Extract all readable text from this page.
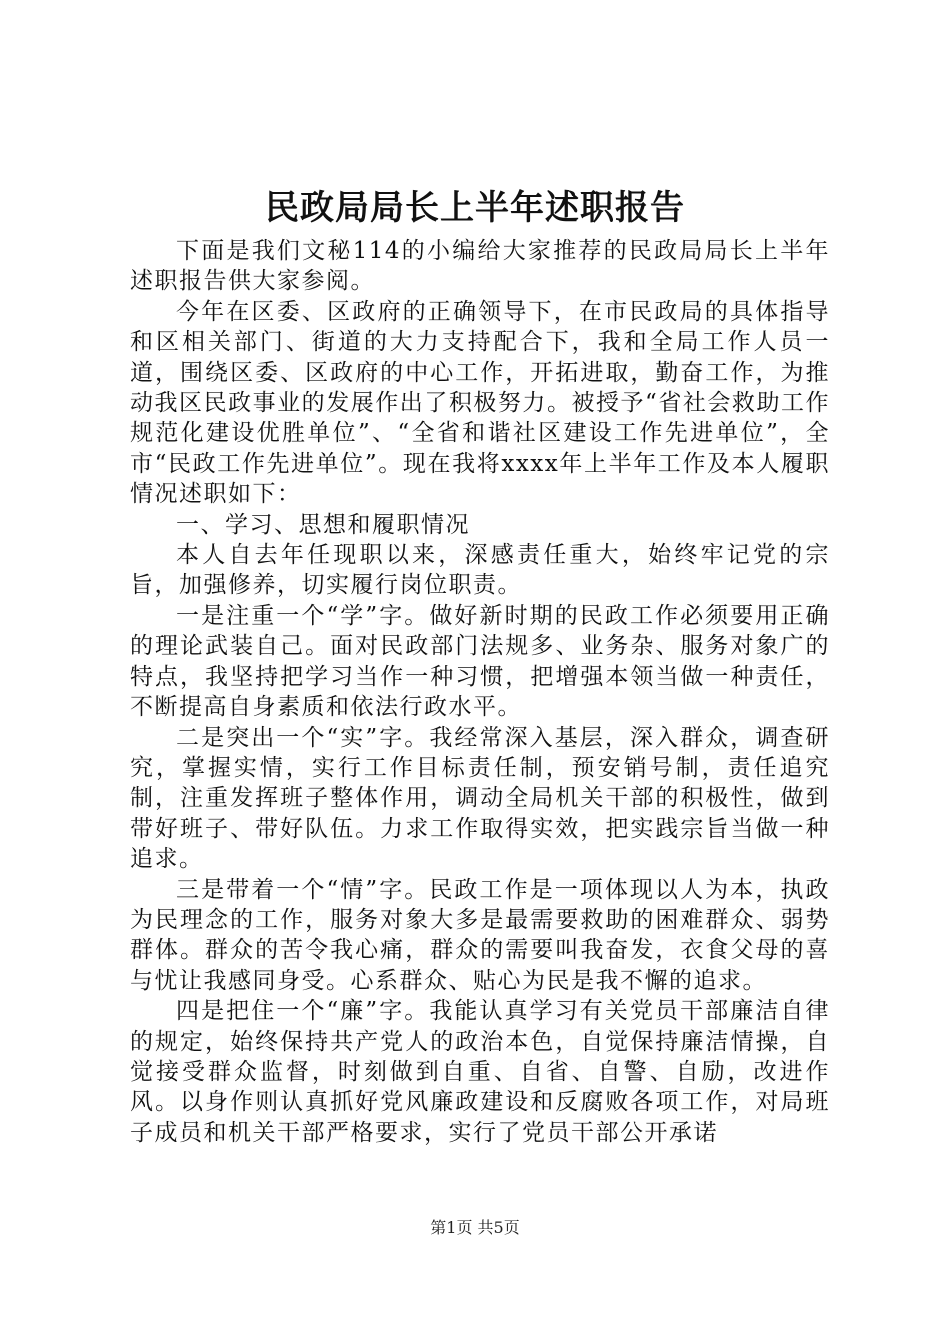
民政局局长上半年述职报告

下面是我们文秘114的小编给大家推荐的民政局局长上半年述职报告供大家参阅。

今年在区委、区政府的正确领导下，在市民政局的具体指导和区相关部门、街道的大力支持配合下，我和全局工作人员一道，围绕区委、区政府的中心工作，开拓进取，勤奋工作，为推动我区民政事业的发展作出了积极努力。被授予“省社会救助工作规范化建设优胜单位”、“全省和谐社区建设工作先进单位”，全市“民政工作先进单位”。现在我将xxxx年上半年工作及本人履职情况述职如下：

一、学习、思想和履职情况

本人自去年任现职以来，深感责任重大，始终牢记党的宗旨，加强修养，切实履行岗位职责。

一是注重一个“学”字。做好新时期的民政工作必须要用正确的理论武装自己。面对民政部门法规多、业务杂、服务对象广的特点，我坚持把学习当作一种习惯，把增强本领当做一种责任，不断提高自身素质和依法行政水平。

二是突出一个“实”字。我经常深入基层，深入群众，调查研究，掌握实情，实行工作目标责任制，预安销号制，责任追究制，注重发挥班子整体作用，调动全局机关干部的积极性，做到带好班子、带好队伍。力求工作取得实效，把实践宗旨当做一种追求。

三是带着一个“情”字。民政工作是一项体现以人为本，执政为民理念的工作，服务对象大多是最需要救助的困难群众、弱势群体。群众的苦令我心痛，群众的需要叫我奋发，衣食父母的喜与忧让我感同身受。心系群众、贴心为民是我不懈的追求。

四是把住一个“廉”字。我能认真学习有关党员干部廉洁自律的规定，始终保持共产党人的政治本色，自觉保持廉洁情操，自觉接受群众监督，时刻做到自重、自省、自警、自励，改进作风。以身作则认真抓好党风廉政建设和反腐败各项工作，对局班子成员和机关干部严格要求，实行了党员干部公开承诺

第1页 共5页
